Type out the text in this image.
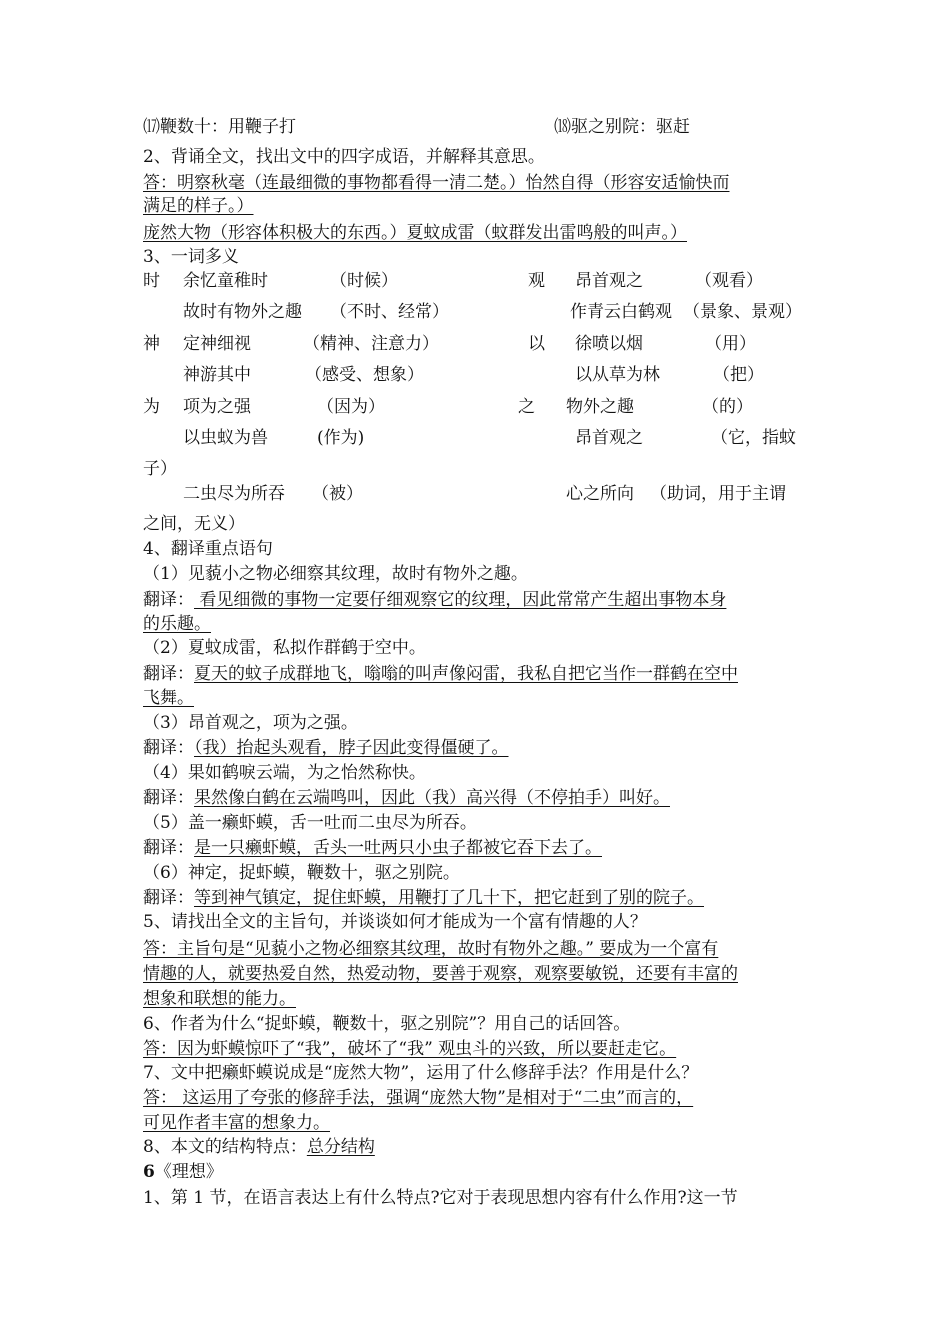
⒄鞭数十：用鞭子打	⒅驱之别院：驱赶
2、背诵全文，找出文中的四字成语，并解释其意思。
答：明察秋毫（连最细微的事物都看得一清二楚。）怡然自得（形容安适愉快而
满足的样子。）
庞然大物（形容体积极大的东西。）夏蚊成雷（蚊群发出雷鸣般的叫声。）
3、一词多义
时 余忆童稚时	（时候）	观 昂首观之	（观看）
故时有物外之趣 （不时、经常）	作青云白鹤观 （景象、景观）
神 定神细视	（精神、注意力）	以 徐喷以烟	（用）
神游其中	（感受、想象）	以从草为林	（把）
为 项为之强	（因为）	之 物外之趣	（的）
以虫蚁为兽	(作为)	昂首观之	（它，指蚊
子）
二虫尽为所吞 （被）	心之所向 （助词，用于主谓
之间，无义）
4、翻译重点语句
（1）见藐小之物必细察其纹理，故时有物外之趣。
翻译： 看见细微的事物一定要仔细观察它的纹理，因此常常产生超出事物本身
的乐趣。
（2）夏蚊成雷，私拟作群鹤于空中。
翻译：夏天的蚊子成群地飞，嗡嗡的叫声像闷雷，我私自把它当作一群鹤在空中
飞舞。
（3）昂首观之，项为之强。
翻译：（我）抬起头观看，脖子因此变得僵硬了。
（4）果如鹤唳云端，为之怡然称快。
翻译：果然像白鹤在云端鸣叫，因此（我）高兴得（不停拍手）叫好。
（5）盖一癞虾蟆，舌一吐而二虫尽为所吞。
翻译：是一只癞虾蟆，舌头一吐两只小虫子都被它吞下去了。
（6）神定，捉虾蟆，鞭数十，驱之别院。
翻译：等到神气镇定，捉住虾蟆，用鞭打了几十下，把它赶到了别的院子。
5、请找出全文的主旨句，并谈谈如何才能成为一个富有情趣的人？
答：主旨句是“见藐小之物必细察其纹理，故时有物外之趣。” 要成为一个富有
情趣的人，就要热爱自然，热爱动物，要善于观察，观察要敏锐，还要有丰富的
想象和联想的能力。
6、作者为什么“捉虾蟆，鞭数十，驱之别院”？用自己的话回答。
答：因为虾蟆惊吓了“我”，破坏了“我” 观虫斗的兴致，所以要赶走它。
7、文中把癞虾蟆说成是“庞然大物”，运用了什么修辞手法？作用是什么？
答： 这运用了夸张的修辞手法，强调“庞然大物”是相对于“二虫”而言的，
可见作者丰富的想象力。
8、本文的结构特点：总分结构
6《理想》
1、第 1 节，在语言表达上有什么特点?它对于表现思想内容有什么作用?这一节
